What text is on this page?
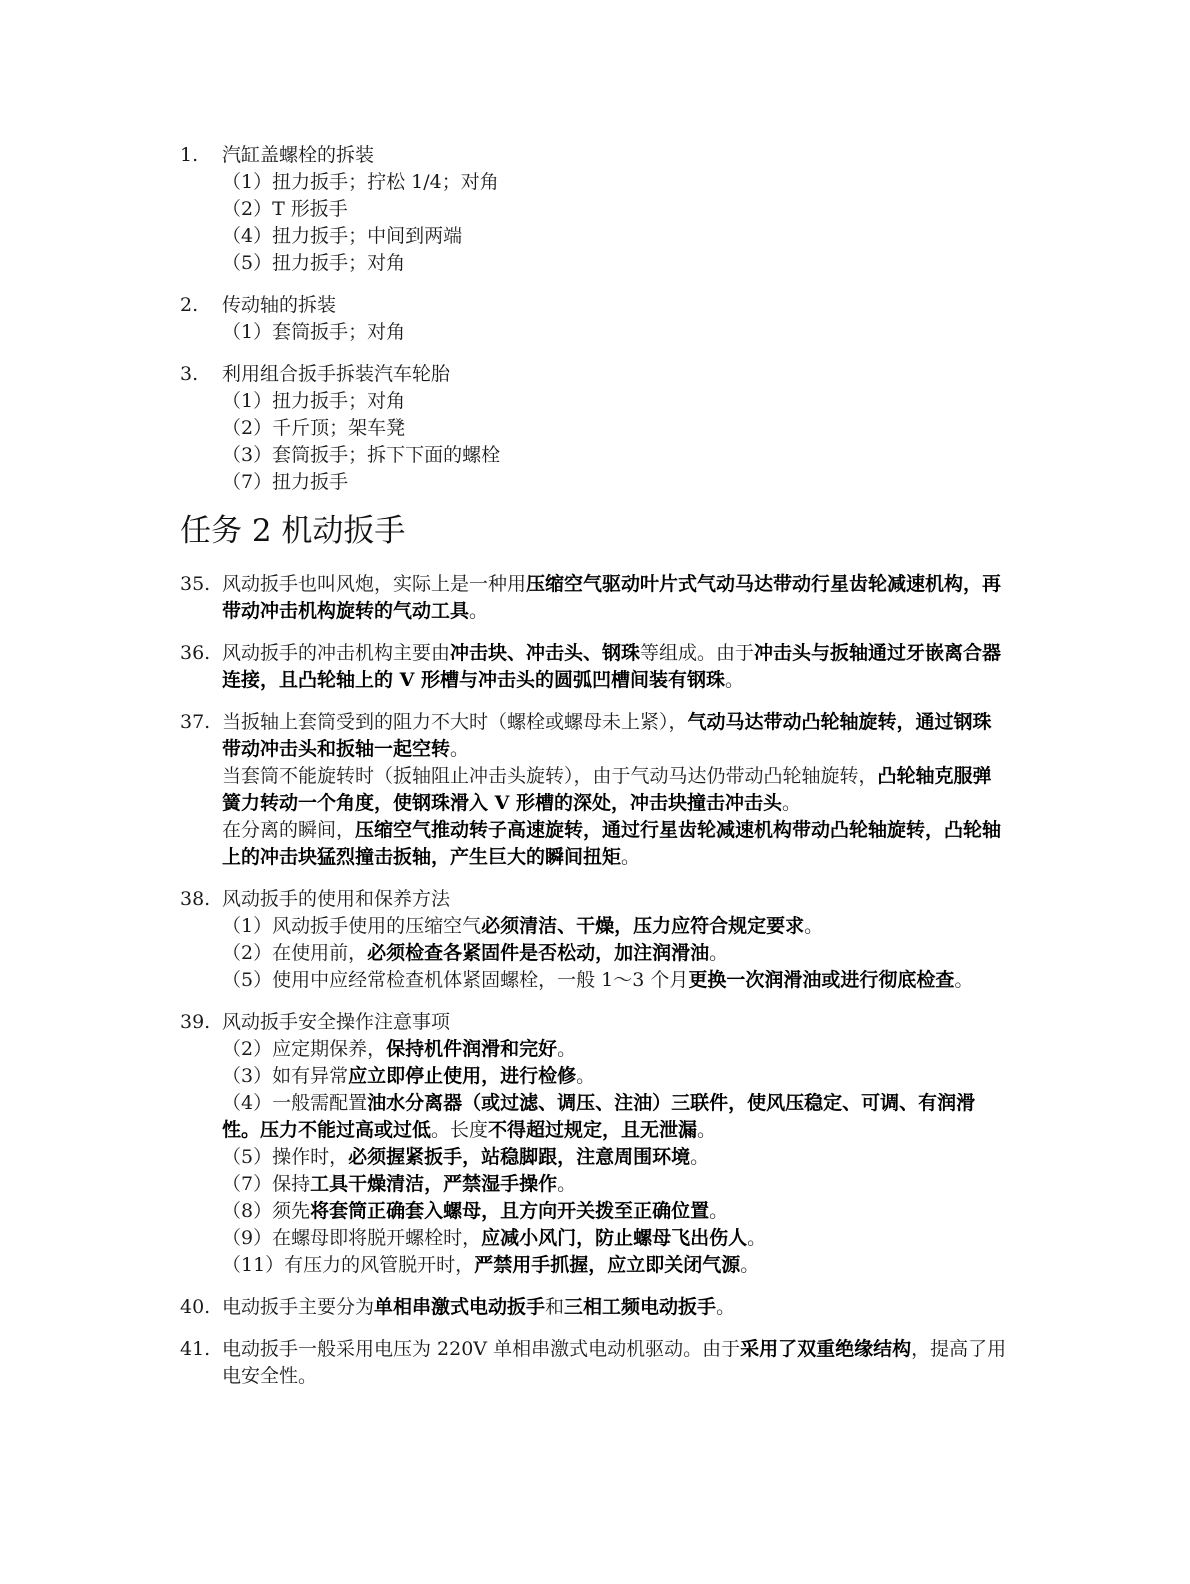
1.	汽缸盖螺栓的拆装
（1）扭力扳手；拧松 1/4；对角
（2）T 形扳手
（4）扭力扳手；中间到两端
（5）扭力扳手；对角
2.	传动轴的拆装
（1）套筒扳手；对角
3.	利用组合扳手拆装汽车轮胎
（1）扭力扳手；对角
（2）千斤顶；架车凳
（3）套筒扳手；拆下下面的螺栓
（7）扭力扳手
任务 2 机动扳手
35. 风动扳手也叫风炮，实际上是一种用压缩空气驱动叶片式气动马达带动行星齿轮减速机构，再带动冲击机构旋转的气动工具。
36. 风动扳手的冲击机构主要由冲击块、冲击头、钢珠等组成。由于冲击头与扳轴通过牙嵌离合器连接，且凸轮轴上的 V 形槽与冲击头的圆弧凹槽间装有钢珠。
37. 当扳轴上套筒受到的阻力不大时（螺栓或螺母未上紧），气动马达带动凸轮轴旋转，通过钢珠带动冲击头和扳轴一起空转。
当套筒不能旋转时（扳轴阻止冲击头旋转），由于气动马达仍带动凸轮轴旋转，凸轮轴克服弹簧力转动一个角度，使钢珠滑入 V 形槽的深处，冲击块撞击冲击头。
在分离的瞬间，压缩空气推动转子高速旋转，通过行星齿轮减速机构带动凸轮轴旋转，凸轮轴上的冲击块猛烈撞击扳轴，产生巨大的瞬间扭矩。
38. 风动扳手的使用和保养方法
（1）风动扳手使用的压缩空气必须清洁、干燥，压力应符合规定要求。
（2）在使用前，必须检查各紧固件是否松动，加注润滑油。
（5）使用中应经常检查机体紧固螺栓，一般 1～3 个月更换一次润滑油或进行彻底检查。
39. 风动扳手安全操作注意事项
（2）应定期保养，保持机件润滑和完好。
（3）如有异常应立即停止使用，进行检修。
（4）一般需配置油水分离器（或过滤、调压、注油）三联件，使风压稳定、可调、有润滑性。压力不能过高或过低。长度不得超过规定，且无泄漏。
（5）操作时，必须握紧扳手，站稳脚跟，注意周围环境。
（7）保持工具干燥清洁，严禁湿手操作。
（8）须先将套筒正确套入螺母，且方向开关拨至正确位置。
（9）在螺母即将脱开螺栓时，应减小风门，防止螺母飞出伤人。
（11）有压力的风管脱开时，严禁用手抓握，应立即关闭气源。
40. 电动扳手主要分为单相串激式电动扳手和三相工频电动扳手。
41. 电动扳手一般采用电压为 220V 单相串激式电动机驱动。由于采用了双重绝缘结构，提高了用电安全性。
